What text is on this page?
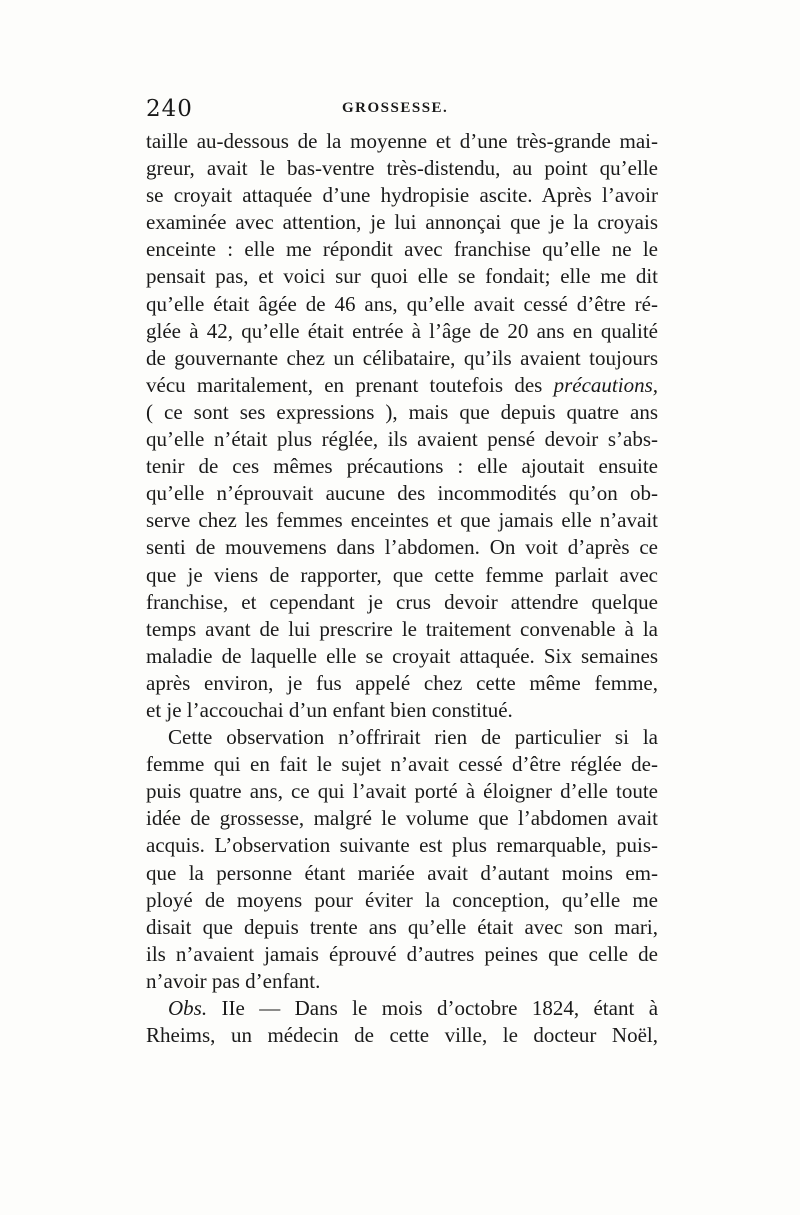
240	GROSSESSE.
taille au-dessous de la moyenne et d’une très-grande mai-
greur, avait le bas-ventre très-distendu, au point qu’elle
se croyait attaquée d’une hydropisie ascite. Après l’avoir
examinée avec attention, je lui annonçai que je la croyais
enceinte : elle me répondit avec franchise qu’elle ne le
pensait pas, et voici sur quoi elle se fondait; elle me dit
qu’elle était âgée de 46 ans, qu’elle avait cessé d’être ré-
glée à 42, qu’elle était entrée à l’âge de 20 ans en qualité
de gouvernante chez un célibataire, qu’ils avaient toujours
vécu maritalement, en prenant toutefois des précautions,
( ce sont ses expressions ), mais que depuis quatre ans
qu’elle n’était plus réglée, ils avaient pensé devoir s’abs-
tenir de ces mêmes précautions : elle ajoutait ensuite
qu’elle n’éprouvait aucune des incommodités qu’on ob-
serve chez les femmes enceintes et que jamais elle n’avait
senti de mouvemens dans l’abdomen. On voit d’après ce
que je viens de rapporter, que cette femme parlait avec
franchise, et cependant je crus devoir attendre quelque
temps avant de lui prescrire le traitement convenable à la
maladie de laquelle elle se croyait attaquée. Six semaines
après environ, je fus appelé chez cette même femme,
et je l’accouchai d’un enfant bien constitué.
Cette observation n’offrirait rien de particulier si la
femme qui en fait le sujet n’avait cessé d’être réglée de-
puis quatre ans, ce qui l’avait porté à éloigner d’elle toute
idée de grossesse, malgré le volume que l’abdomen avait
acquis. L’observation suivante est plus remarquable, puis-
que la personne étant mariée avait d’autant moins em-
ployé de moyens pour éviter la conception, qu’elle me
disait que depuis trente ans qu’elle était avec son mari,
ils n’avaient jamais éprouvé d’autres peines que celle de
n’avoir pas d’enfant.
Obs. IIe — Dans le mois d’octobre 1824, étant à
Rheims, un médecin de cette ville, le docteur Noël,
